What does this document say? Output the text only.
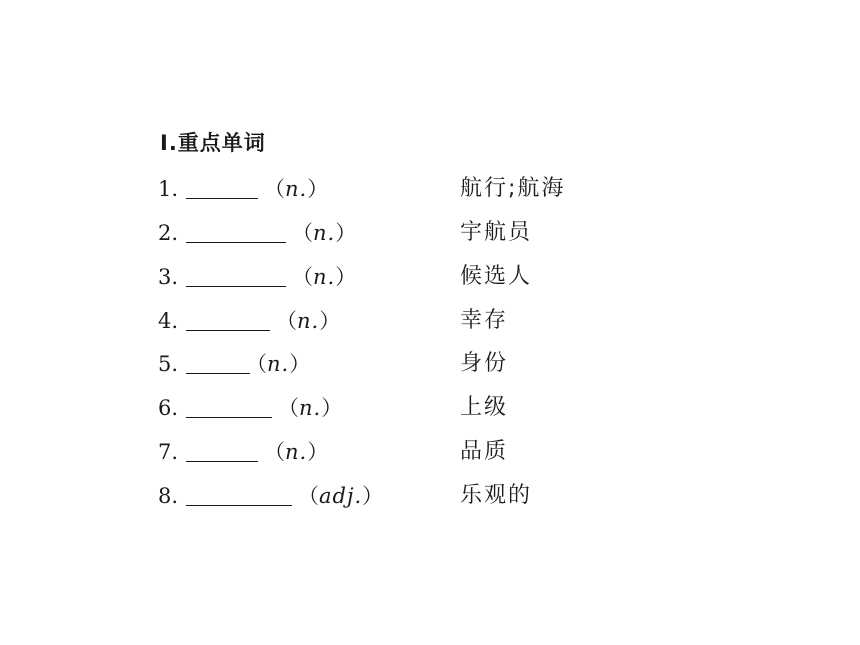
Ⅰ.重点单词
1.	（n.）	航行;航海
2.	（n.）	宇航员
3.	（n.）	候选人
4.	（n.）	幸存
5.	（n.）	身份
6.	（n.）	上级
7.	（n.）	品质
8.	（adj.）	乐观的
